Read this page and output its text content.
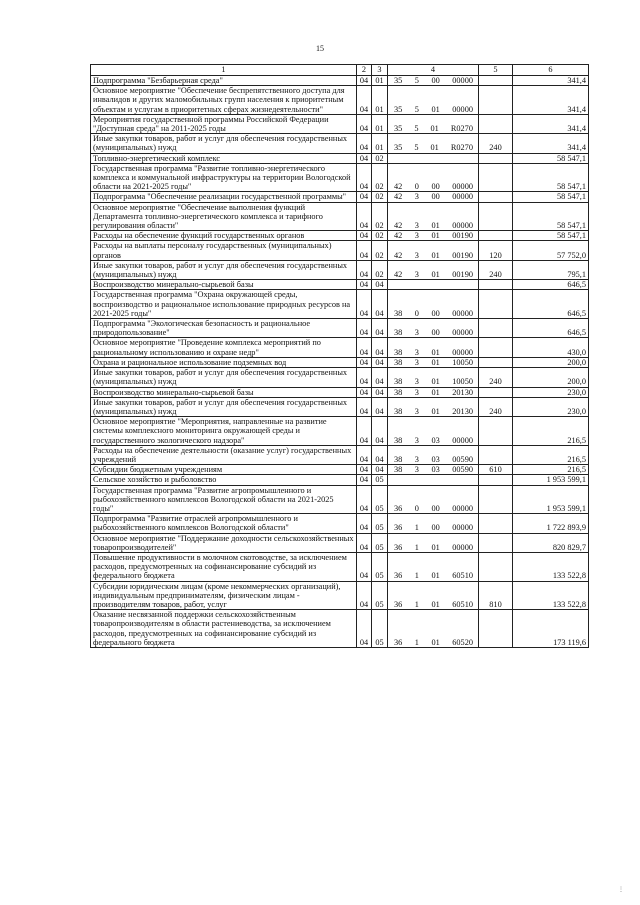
15
1	2	3	4	5	6
Подпрограмма "Безбарьерная среда"	04	01	35 5 00 00000		341,4
Основное мероприятие "Обеспечение беспрепятственного доступа для инвалидов и других маломобильных групп населения к приоритетным объектам и услугам в приоритетных сферах жизнедеятельности"	04	01	35 5 01 00000		341,4
Мероприятия государственной программы Российской Федерации "Доступная среда" на 2011-2025 годы	04	01	35 5 01 R0270		341,4
Иные закупки товаров, работ и услуг для обеспечения государственных (муниципальных) нужд	04	01	35 5 01 R0270	240	341,4
Топливно-энергетический комплекс	04	02			58 547,1
Государственная программа "Развитие топливно-энергетического комплекса и коммунальной инфраструктуры на территории Вологодской области на 2021-2025 годы"	04	02	42 0 00 00000		58 547,1
Подпрограмма "Обеспечение реализации государственной программы"	04	02	42 3 00 00000		58 547,1
Основное мероприятие "Обеспечение выполнения функций Департамента топливно-энергетического комплекса и тарифного регулирования области"	04	02	42 3 01 00000		58 547,1
Расходы на обеспечение функций государственных органов	04	02	42 3 01 00190		58 547,1
Расходы на выплаты персоналу государственных (муниципальных) органов	04	02	42 3 01 00190	120	57 752,0
Иные закупки товаров, работ и услуг для обеспечения государственных (муниципальных) нужд	04	02	42 3 01 00190	240	795,1
Воспроизводство минерально-сырьевой базы	04	04			646,5
Государственная программа "Охрана окружающей среды, воспроизводство и рациональное использование природных ресурсов на 2021-2025 годы"	04	04	38 0 00 00000		646,5
Подпрограмма "Экологическая безопасность и рациональное природопользование"	04	04	38 3 00 00000		646,5
Основное мероприятие "Проведение комплекса мероприятий по рациональному использованию и охране недр"	04	04	38 3 01 00000		430,0
Охрана и рациональное использование подземных вод	04	04	38 3 01 10050		200,0
Иные закупки товаров, работ и услуг для обеспечения государственных (муниципальных) нужд	04	04	38 3 01 10050	240	200,0
Воспроизводство минерально-сырьевой базы	04	04	38 3 01 20130		230,0
Иные закупки товаров, работ и услуг для обеспечения государственных (муниципальных) нужд	04	04	38 3 01 20130	240	230,0
Основное мероприятие "Мероприятия, направленные на развитие системы комплексного мониторинга окружающей среды и государственного экологического надзора"	04	04	38 3 03 00000		216,5
Расходы на обеспечение деятельности (оказание услуг) государственных учреждений	04	04	38 3 03 00590		216,5
Субсидии бюджетным учреждениям	04	04	38 3 03 00590	610	216,5
Сельское хозяйство и рыболовство	04	05			1 953 599,1
Государственная программа "Развитие агропромышленного и рыбохозяйственного комплексов Вологодской области на 2021-2025 годы"	04	05	36 0 00 00000		1 953 599,1
Подпрограмма "Развитие отраслей агропромышленного и рыбохозяйственного комплексов Вологодской области"	04	05	36 1 00 00000		1 722 893,9
Основное мероприятие "Поддержание доходности сельскохозяйственных товаропроизводителей"	04	05	36 1 01 00000		820 829,7
Повышение продуктивности в молочном скотоводстве, за исключением расходов, предусмотренных на софинансирование субсидий из федерального бюджета	04	05	36 1 01 60510		133 522,8
Субсидии юридическим лицам (кроме некоммерческих организаций), индивидуальным предпринимателям, физическим лицам - производителям товаров, работ, услуг	04	05	36 1 01 60510	810	133 522,8
Оказание несвязанной поддержки сельскохозяйственным товаропроизводителям в области растениеводства, за исключением расходов, предусмотренных на софинансирование субсидий из федерального бюджета	04	05	36 1 01 60520		173 119,6
⋮
